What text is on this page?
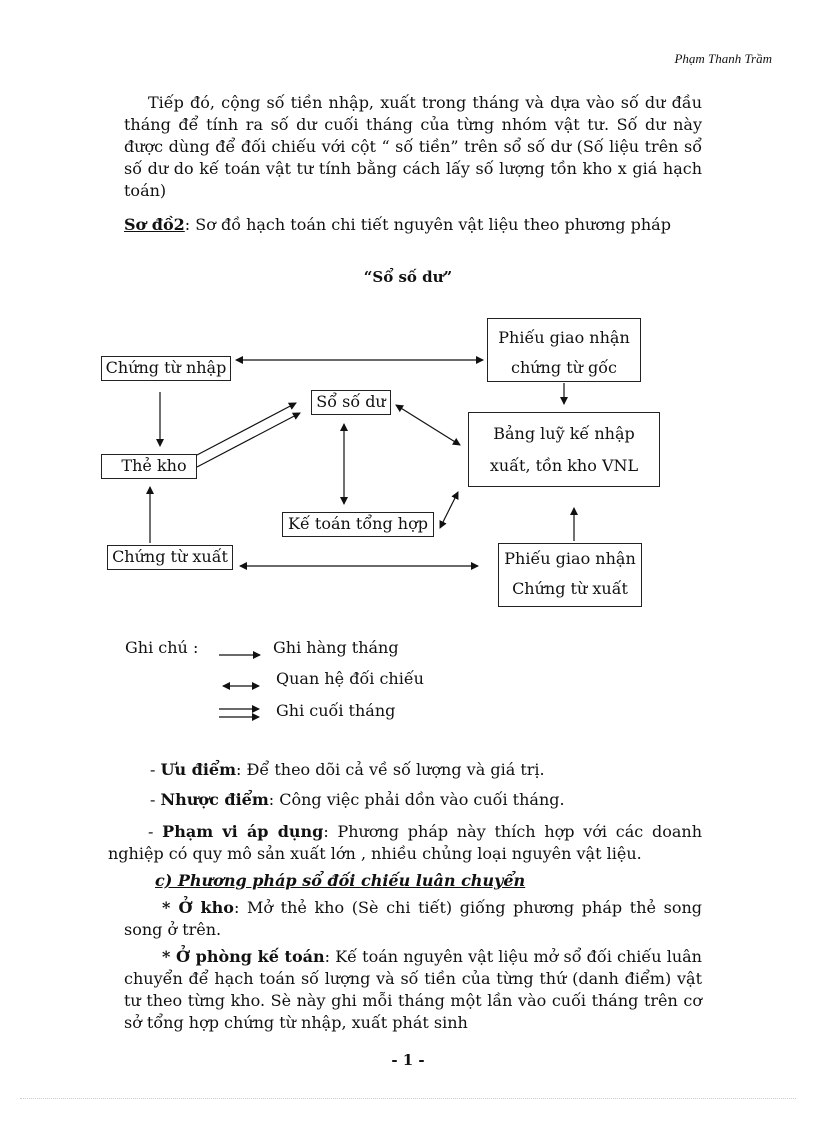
Phạm Thanh Trầm

Tiếp đó, cộng số tiền nhập, xuất trong tháng và dựa vào số dư đầu tháng để tính ra số dư cuối tháng của từng nhóm vật tư. Số dư này được dùng để đối chiếu với cột “ số tiền” trên sổ số dư (Số liệu trên sổ số dư do kế toán vật tư tính bằng cách lấy số lượng tồn kho x giá hạch toán)

Sơ đồ2: Sơ đồ hạch toán chi tiết nguyên vật liệu theo phương pháp

“Sổ số dư”
Chứng từ nhập
Phiếu giao nhận
chứng từ gốc
Sổ số dư
Bảng luỹ kế nhập
xuất, tồn kho VNL
Thẻ kho
Kế toán tổng hợp
Chứng từ xuất	Phiếu giao nhận
Chứng từ xuất
Ghi chú :	Ghi hàng tháng
Quan hệ đối chiếu
Ghi cuối tháng

- Ưu điểm: Để theo dõi cả về số lượng và giá trị.

- Nhược điểm: Công việc phải dồn vào cuối tháng.

- Phạm vi áp dụng: Phương pháp này thích hợp với các doanh nghiệp có quy mô sản xuất lớn , nhiều chủng loại nguyên vật liệu.

c) Phương pháp sổ đối chiếu luân chuyển

* Ở kho: Mở thẻ kho (Sè chi tiết) giống phương pháp thẻ song song ở trên.

* Ở phòng kế toán: Kế toán nguyên vật liệu mở sổ đối chiếu luân chuyển để hạch toán số lượng và số tiền của từng thứ (danh điểm) vật tư theo từng kho. Sè này ghi mỗi tháng một lần vào cuối tháng trên cơ sở tổng hợp chứng từ nhập, xuất phát sinh

- 1 -
